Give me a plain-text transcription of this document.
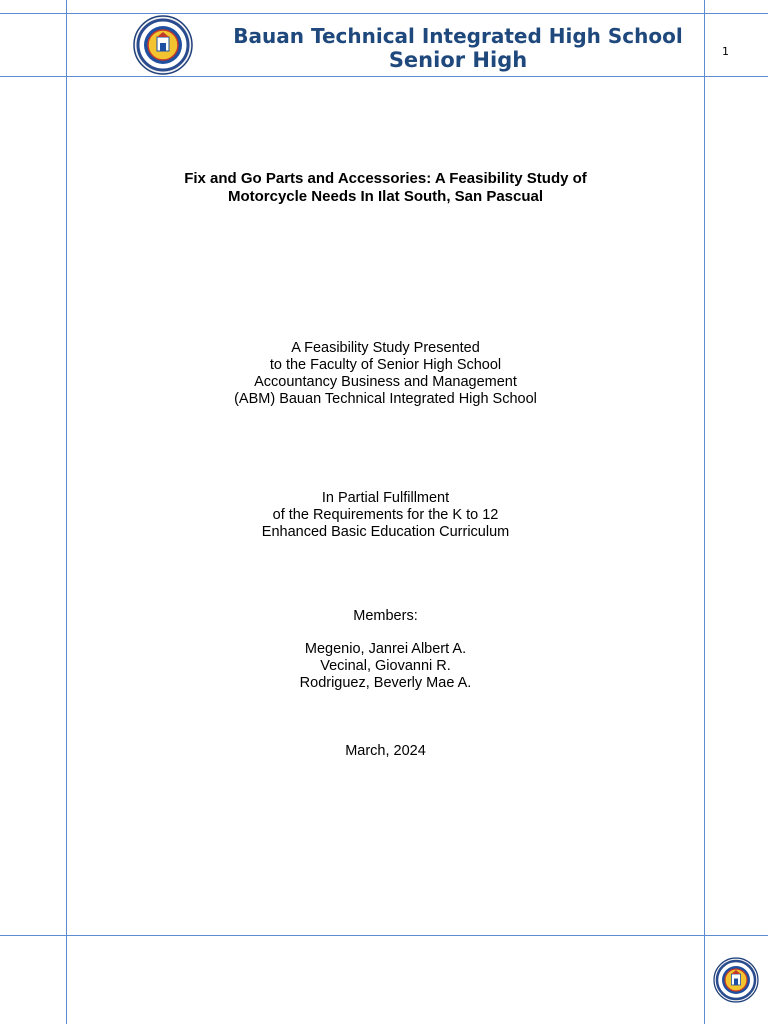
Bauan Technical Integrated High School
Senior High	1
Fix and Go Parts and Accessories: A Feasibility Study of
Motorcycle Needs In Ilat South, San Pascual
A Feasibility Study Presented
to the Faculty of Senior High School
Accountancy Business and Management
(ABM) Bauan Technical Integrated High School
In Partial Fulfillment
of the Requirements for the K to 12
Enhanced Basic Education Curriculum
Members:
Megenio, Janrei Albert A.
Vecinal, Giovanni R.
Rodriguez, Beverly Mae A.
March, 2024
